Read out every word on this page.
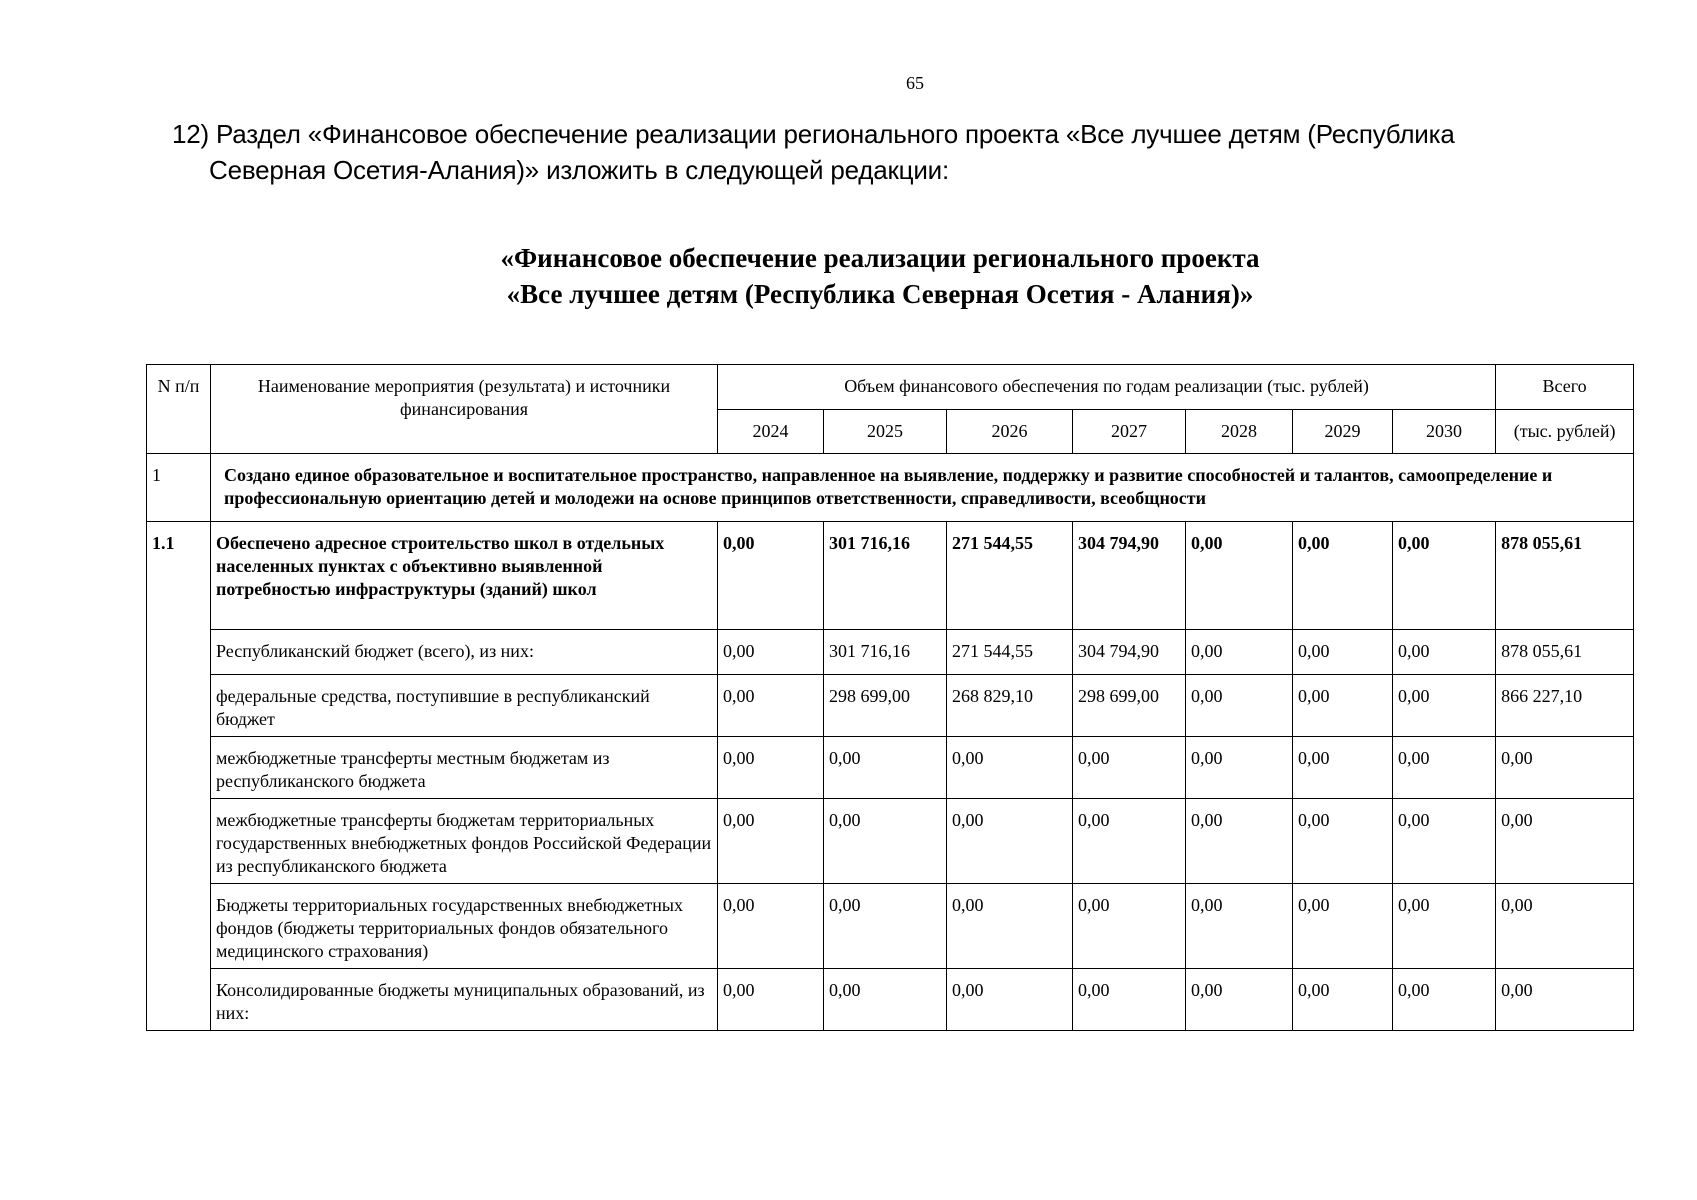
65
12) Раздел «Финансовое обеспечение реализации регионального проекта «Все лучшее детям (Республика
Северная Осетия-Алания)» изложить в следующей редакции:
«Финансовое обеспечение реализации регионального проекта
«Все лучшее детям (Республика Северная Осетия - Алания)»
N п/п	Наименование мероприятия (результата) и источники финансирования	Объем финансового обеспечения по годам реализации (тыс. рублей)							Всего
		2024	2025	2026	2027	2028	2029	2030	(тыс. рублей)
1	Создано единое образовательное и воспитательное пространство, направленное на выявление, поддержку и развитие способностей и талантов, самоопределение и профессиональную ориентацию детей и молодежи на основе принципов ответственности, справедливости, всеобщности								
1.1	Обеспечено адресное строительство школ в отдельных населенных пунктах с объективно выявленной потребностью инфраструктуры (зданий) школ	0,00	301 716,16	271 544,55	304 794,90	0,00	0,00	0,00	878 055,61
	Республиканский бюджет (всего), из них:	0,00	301 716,16	271 544,55	304 794,90	0,00	0,00	0,00	878 055,61
	федеральные средства, поступившие в республиканский бюджет	0,00	298 699,00	268 829,10	298 699,00	0,00	0,00	0,00	866 227,10
	межбюджетные трансферты местным бюджетам из республиканского бюджета	0,00	0,00	0,00	0,00	0,00	0,00	0,00	0,00
	межбюджетные трансферты бюджетам территориальных государственных внебюджетных фондов Российской Федерации из республиканского бюджета	0,00	0,00	0,00	0,00	0,00	0,00	0,00	0,00
	Бюджеты территориальных государственных внебюджетных фондов (бюджеты территориальных фондов обязательного медицинского страхования)	0,00	0,00	0,00	0,00	0,00	0,00	0,00	0,00
	Консолидированные бюджеты муниципальных образований, из них:	0,00	0,00	0,00	0,00	0,00	0,00	0,00	0,00
